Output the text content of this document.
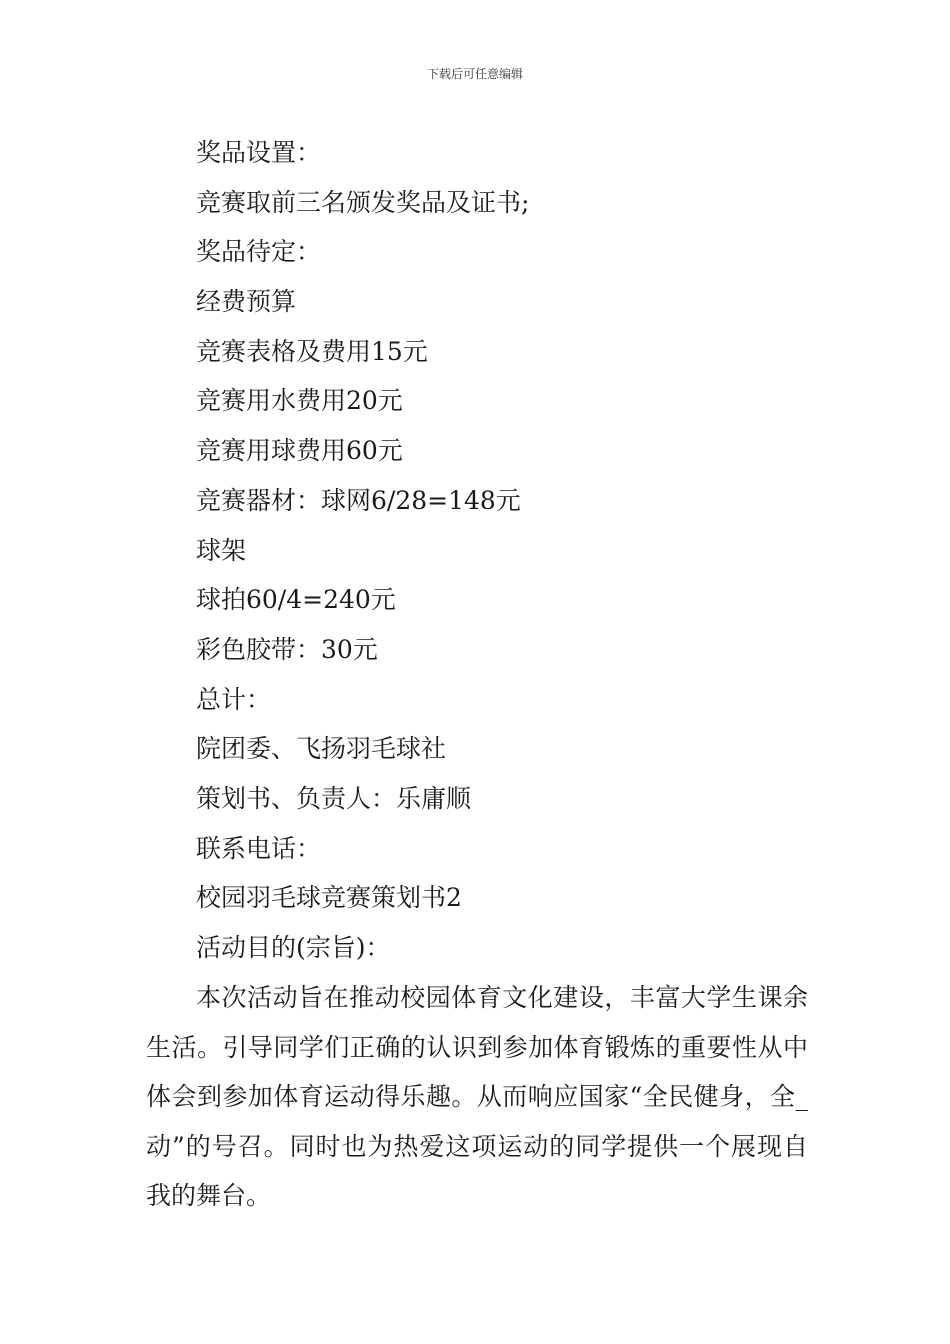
下载后可任意编辑
奖品设置：
竞赛取前三名颁发奖品及证书;
奖品待定：
经费预算
竞赛表格及费用15元
竞赛用水费用20元
竞赛用球费用60元
竞赛器材：球网6/28=148元
球架
球拍60/4=240元
彩色胶带：30元
总计：
院团委、飞扬羽毛球社
策划书、负责人：乐庸顺
联系电话：
校园羽毛球竞赛策划书2
活动目的(宗旨)：

本次活动旨在推动校园体育文化建设，丰富大学生课余生活。引导同学们正确的认识到参加体育锻炼的重要性从中体会到参加体育运动得乐趣。从而响应国家“全民健身，全_动”的号召。同时也为热爱这项运动的同学提供一个展现自我的舞台。
